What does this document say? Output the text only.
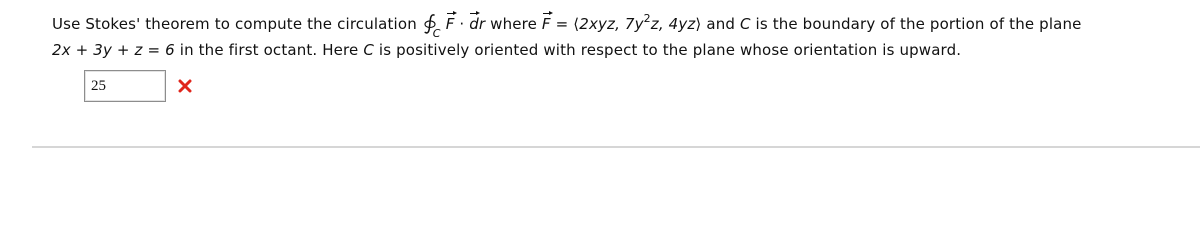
Use Stokes' theorem to compute the circulation
C
F · dr where F = ⟨2xyz, $7y^2z$, 4yz⟩ and C is the boundary of the portion of the plane
2x + 3y + z = 6 in the first octant. Here C is positively oriented with respect to the plane whose orientation is upward.
25
